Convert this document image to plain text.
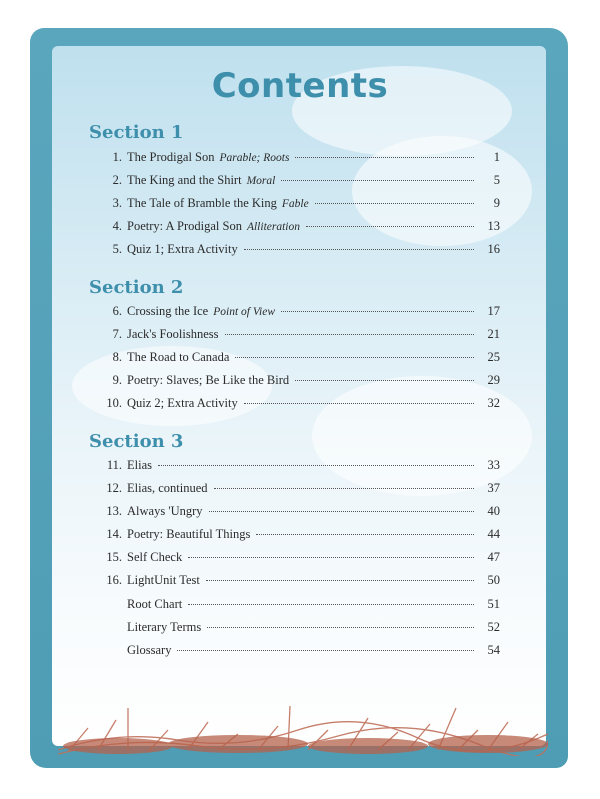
Contents
Section 1
1. The Prodigal Son Parable; Roots	1
2. The King and the Shirt Moral	5
3. The Tale of Bramble the King Fable	9
4. Poetry: A Prodigal Son Alliteration	13
5. Quiz 1; Extra Activity	16
Section 2
6. Crossing the Ice Point of View	17
7. Jack's Foolishness	21
8. The Road to Canada	25
9. Poetry: Slaves; Be Like the Bird	29
10. Quiz 2; Extra Activity	32
Section 3
11. Elias	33
12. Elias, continued	37
13. Always 'Ungry	40
14. Poetry: Beautiful Things	44
15. Self Check	47
16. LightUnit Test	50
Root Chart	51
Literary Terms	52
Glossary	54
